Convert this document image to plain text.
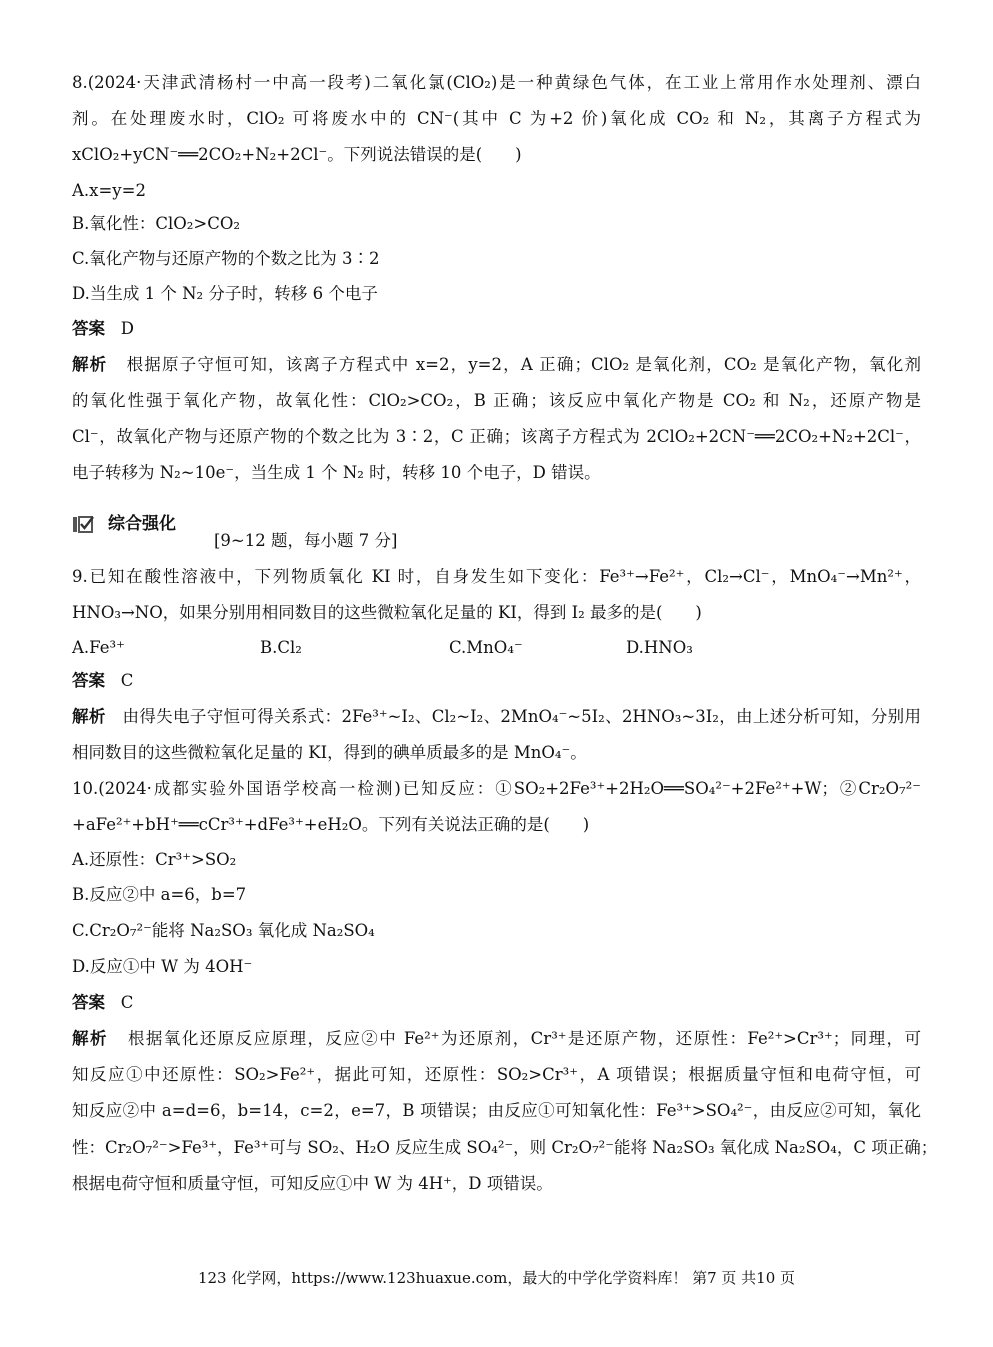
8.(2024·天津武清杨村一中高一段考)二氧化氯(ClO₂)是一种黄绿色气体，在工业上常用作水处理剂、漂白
剂。在处理废水时，ClO₂ 可将废水中的 CN⁻(其中 C 为+2 价)氧化成 CO₂ 和 N₂，其离子方程式为
xClO₂+yCN⁻══2CO₂+N₂+2Cl⁻。下列说法错误的是(　　)
A.x=y=2
B.氧化性：ClO₂>CO₂
C.氧化产物与还原产物的个数之比为 3∶2
D.当生成 1 个 N₂ 分子时，转移 6 个电子
答案 D
解析 根据原子守恒可知，该离子方程式中 x=2，y=2，A 正确；ClO₂ 是氧化剂，CO₂ 是氧化产物，氧化剂
的氧化性强于氧化产物，故氧化性：ClO₂>CO₂，B 正确；该反应中氧化产物是 CO₂ 和 N₂，还原产物是
Cl⁻，故氧化产物与还原产物的个数之比为 3∶2，C 正确；该离子方程式为 2ClO₂+2CN⁻══2CO₂+N₂+2Cl⁻，
电子转移为 N₂~10e⁻，当生成 1 个 N₂ 时，转移 10 个电子，D 错误。
综合强化
[9~12 题，每小题 7 分]
9.已知在酸性溶液中，下列物质氧化 KI 时，自身发生如下变化：Fe³⁺→Fe²⁺，Cl₂→Cl⁻，MnO₄⁻→Mn²⁺，
HNO₃→NO，如果分别用相同数目的这些微粒氧化足量的 KI，得到 I₂ 最多的是(　　)
A.Fe³⁺	B.Cl₂	C.MnO₄⁻	D.HNO₃
答案 C
解析 由得失电子守恒可得关系式：2Fe³⁺~I₂、Cl₂~I₂、2MnO₄⁻~5I₂、2HNO₃~3I₂，由上述分析可知，分别用
相同数目的这些微粒氧化足量的 KI，得到的碘单质最多的是 MnO₄⁻。
10.(2024·成都实验外国语学校高一检测)已知反应：①SO₂+2Fe³⁺+2H₂O══SO₄²⁻+2Fe²⁺+W；②Cr₂O₇²⁻
+aFe²⁺+bH⁺══cCr³⁺+dFe³⁺+eH₂O。下列有关说法正确的是(　　)
A.还原性：Cr³⁺>SO₂
B.反应②中 a=6，b=7
C.Cr₂O₇²⁻能将 Na₂SO₃ 氧化成 Na₂SO₄
D.反应①中 W 为 4OH⁻
答案 C
解析 根据氧化还原反应原理，反应②中 Fe²⁺为还原剂，Cr³⁺是还原产物，还原性：Fe²⁺>Cr³⁺；同理，可
知反应①中还原性：SO₂>Fe²⁺，据此可知，还原性：SO₂>Cr³⁺，A 项错误；根据质量守恒和电荷守恒，可
知反应②中 a=d=6，b=14，c=2，e=7，B 项错误；由反应①可知氧化性：Fe³⁺>SO₄²⁻，由反应②可知，氧化
性：Cr₂O₇²⁻>Fe³⁺，Fe³⁺可与 SO₂、H₂O 反应生成 SO₄²⁻，则 Cr₂O₇²⁻能将 Na₂SO₃ 氧化成 Na₂SO₄，C 项正确；
根据电荷守恒和质量守恒，可知反应①中 W 为 4H⁺，D 项错误。
123 化学网，https://www.123huaxue.com，最大的中学化学资料库！ 第7 页 共10 页
